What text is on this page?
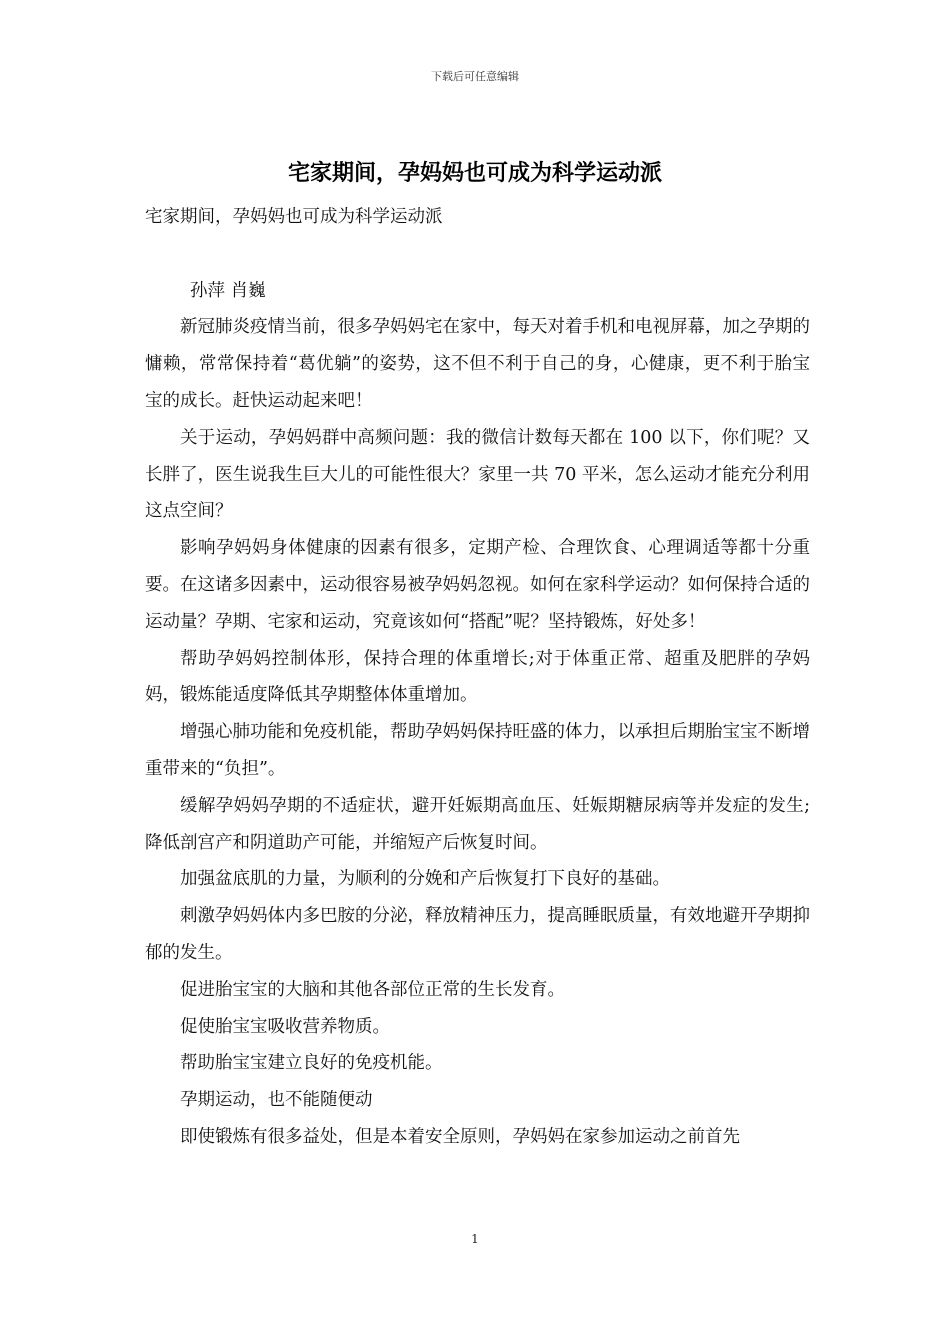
下载后可任意编辑
宅家期间，孕妈妈也可成为科学运动派

宅家期间，孕妈妈也可成为科学运动派

孙萍 肖巍

新冠肺炎疫情当前，很多孕妈妈宅在家中，每天对着手机和电视屏幕，加之孕期的慵赖，常常保持着“葛优躺”的姿势，这不但不利于自己的身，心健康，更不利于胎宝宝的成长。赶快运动起来吧！

关于运动，孕妈妈群中高频问题：我的微信计数每天都在 100 以下，你们呢？又长胖了，医生说我生巨大儿的可能性很大？家里一共 70 平米，怎么运动才能充分利用这点空间？

影响孕妈妈身体健康的因素有很多，定期产检、合理饮食、心理调适等都十分重要。在这诸多因素中，运动很容易被孕妈妈忽视。如何在家科学运动？如何保持合适的运动量？孕期、宅家和运动，究竟该如何“搭配”呢？坚持锻炼，好处多！

帮助孕妈妈控制体形，保持合理的体重增长;对于体重正常、超重及肥胖的孕妈妈，锻炼能适度降低其孕期整体体重增加。

增强心肺功能和免疫机能，帮助孕妈妈保持旺盛的体力，以承担后期胎宝宝不断增重带来的“负担”。

缓解孕妈妈孕期的不适症状，避开妊娠期高血压、妊娠期糖尿病等并发症的发生;降低剖宫产和阴道助产可能，并缩短产后恢复时间。

加强盆底肌的力量，为顺利的分娩和产后恢复打下良好的基础。

刺激孕妈妈体内多巴胺的分泌，释放精神压力，提高睡眠质量，有效地避开孕期抑郁的发生。

促进胎宝宝的大脑和其他各部位正常的生长发育。

促使胎宝宝吸收营养物质。

帮助胎宝宝建立良好的免疫机能。

孕期运动，也不能随便动

即使锻炼有很多益处，但是本着安全原则，孕妈妈在家参加运动之前首先

1
